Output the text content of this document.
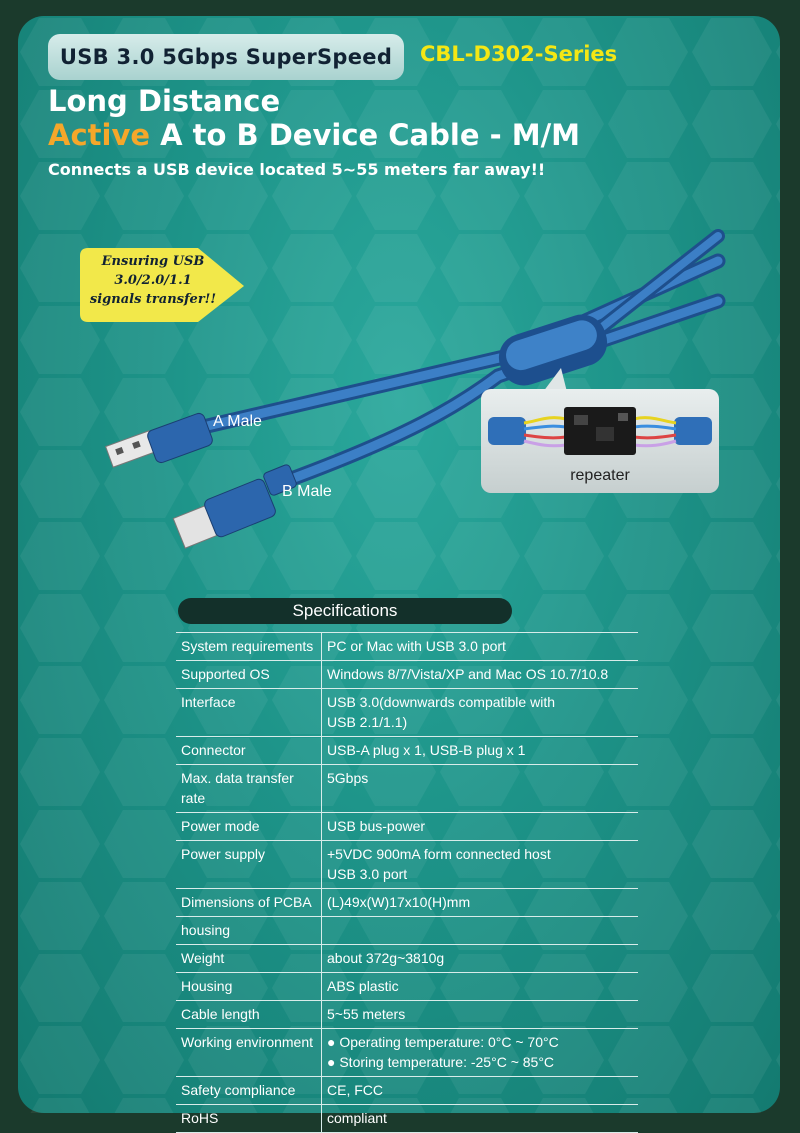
USB 3.0 5Gbps SuperSpeed	CBL-D302-Series
Long Distance
Active A to B Device Cable - M/M
Connects a USB device located 5~55 meters far away!!
Ensuring USB
3.0/2.0/1.1
signals transfer!!
A Male
B Male
repeater
Specifications
System requirements	PC or Mac with USB 3.0 port

Supported OS	Windows 8/7/Vista/XP and Mac OS 10.7/10.8

Interface	USB 3.0(downwards compatible with
USB 2.1/1.1)

Connector	USB-A plug x 1, USB-B plug x 1

Max. data transfer rate	5Gbps

Power mode	USB bus-power

Power supply	+5VDC 900mA form connected host
USB 3.0 port

Dimensions of PCBA	(L)49x(W)17x10(H)mm

housing	

Weight	about 372g~3810g

Housing	ABS plastic

Cable length	5~55 meters

Working environment	● Operating temperature: 0°C ~ 70°C
● Storing temperature: -25°C ~ 85°C

Safety compliance	CE, FCC

RoHS	compliant
